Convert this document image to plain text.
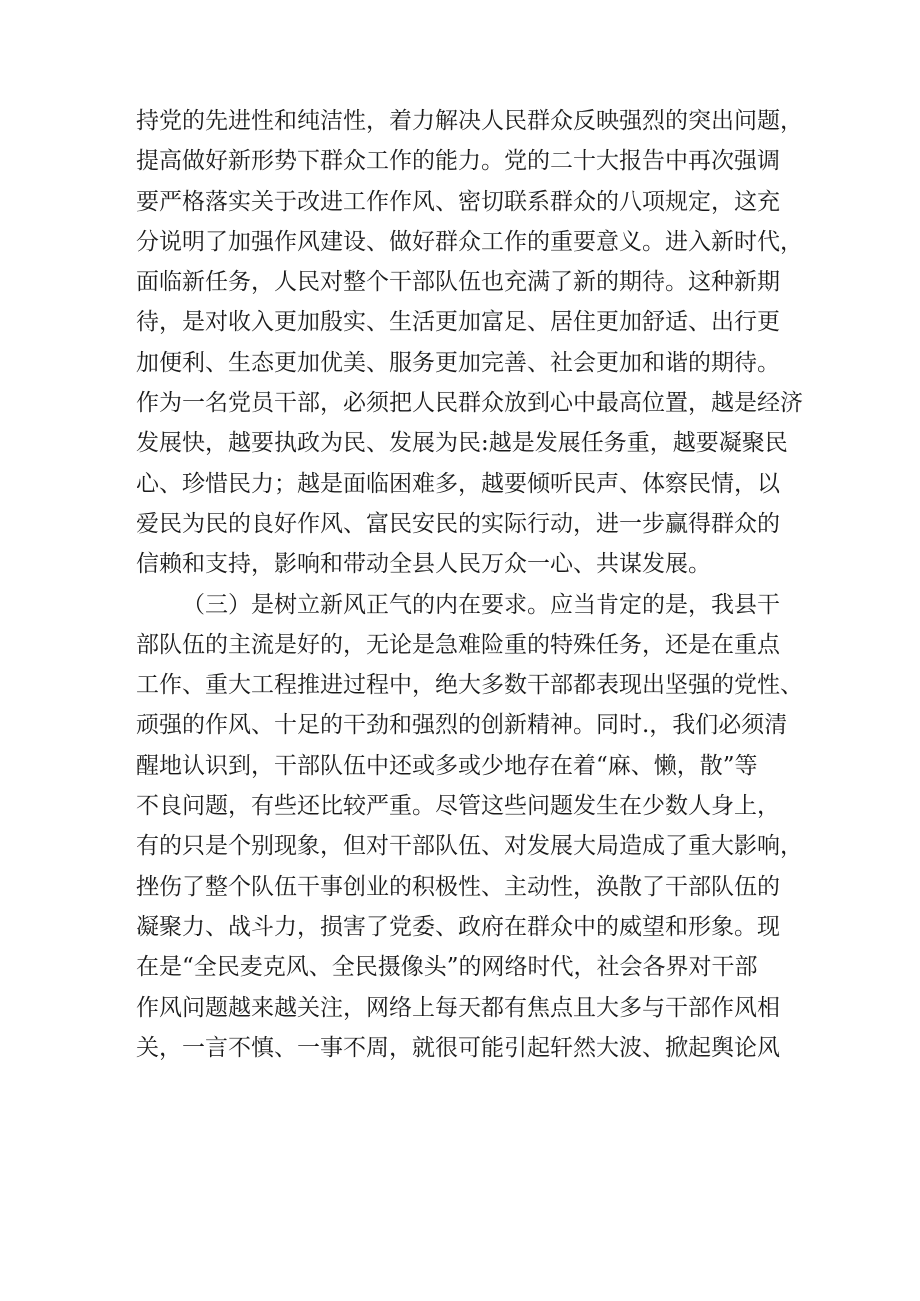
持党的先进性和纯洁性，着力解决人民群众反映强烈的突出问题，
提高做好新形势下群众工作的能力。党的二十大报告中再次强调
要严格落实关于改进工作作风、密切联系群众的八项规定，这充
分说明了加强作风建设、做好群众工作的重要意义。进入新时代，
面临新任务，人民对整个干部队伍也充满了新的期待。这种新期
待，是对收入更加殷实、生活更加富足、居住更加舒适、出行更
加便利、生态更加优美、服务更加完善、社会更加和谐的期待。
作为一名党员干部，必须把人民群众放到心中最高位置，越是经济
发展快，越要执政为民、发展为民:越是发展任务重，越要凝聚民
心、珍惜民力；越是面临困难多，越要倾听民声、体察民情，以
爱民为民的良好作风、富民安民的实际行动，进一步赢得群众的
信赖和支持，影响和带动全县人民万众一心、共谋发展。
（三）是树立新风正气的内在要求。应当肯定的是，我县干
部队伍的主流是好的，无论是急难险重的特殊任务，还是在重点
工作、重大工程推进过程中，绝大多数干部都表现出坚强的党性、
顽强的作风、十足的干劲和强烈的创新精神。同时.，我们必须清
醒地认识到，干部队伍中还或多或少地存在着“麻、懒，散”等
不良问题，有些还比较严重。尽管这些问题发生在少数人身上，
有的只是个别现象，但对干部队伍、对发展大局造成了重大影响，
挫伤了整个队伍干事创业的积极性、主动性，涣散了干部队伍的
凝聚力、战斗力，损害了党委、政府在群众中的威望和形象。现
在是“全民麦克风、全民摄像头”的网络时代，社会各界对干部
作风问题越来越关注，网络上每天都有焦点且大多与干部作风相
关，一言不慎、一事不周，就很可能引起轩然大波、掀起舆论风
